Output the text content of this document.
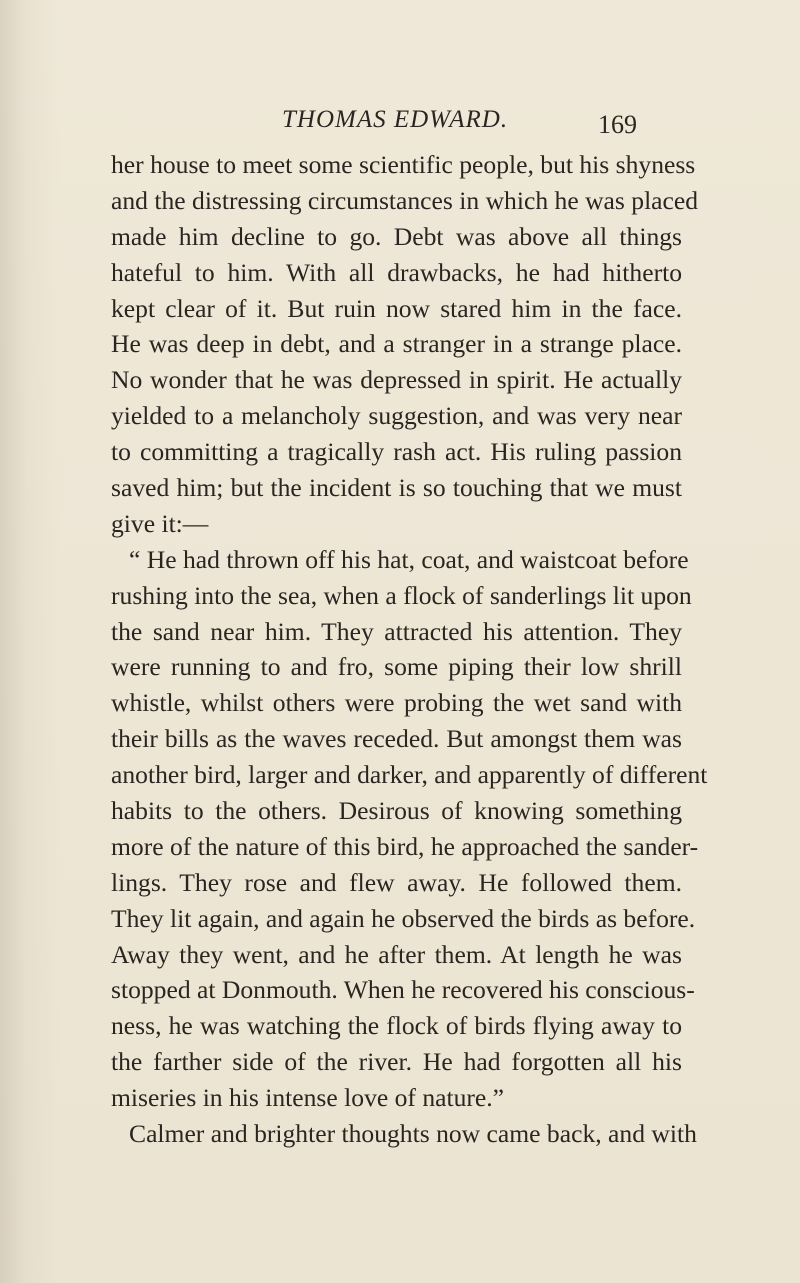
THOMAS EDWARD.	169
her house to meet some scientific people, but his shyness
and the distressing circumstances in which he was placed
made him decline to go. Debt was above all things
hateful to him. With all drawbacks, he had hitherto
kept clear of it. But ruin now stared him in the face.
He was deep in debt, and a stranger in a strange place.
No wonder that he was depressed in spirit. He actually
yielded to a melancholy suggestion, and was very near
to committing a tragically rash act. His ruling passion
saved him; but the incident is so touching that we must
give it:—
“ He had thrown off his hat, coat, and waistcoat before
rushing into the sea, when a flock of sanderlings lit upon
the sand near him. They attracted his attention. They
were running to and fro, some piping their low shrill
whistle, whilst others were probing the wet sand with
their bills as the waves receded. But amongst them was
another bird, larger and darker, and apparently of different
habits to the others. Desirous of knowing something
more of the nature of this bird, he approached the sander-
lings. They rose and flew away. He followed them.
They lit again, and again he observed the birds as before.
Away they went, and he after them. At length he was
stopped at Donmouth. When he recovered his conscious-
ness, he was watching the flock of birds flying away to
the farther side of the river. He had forgotten all his
miseries in his intense love of nature.”
Calmer and brighter thoughts now came back, and with
